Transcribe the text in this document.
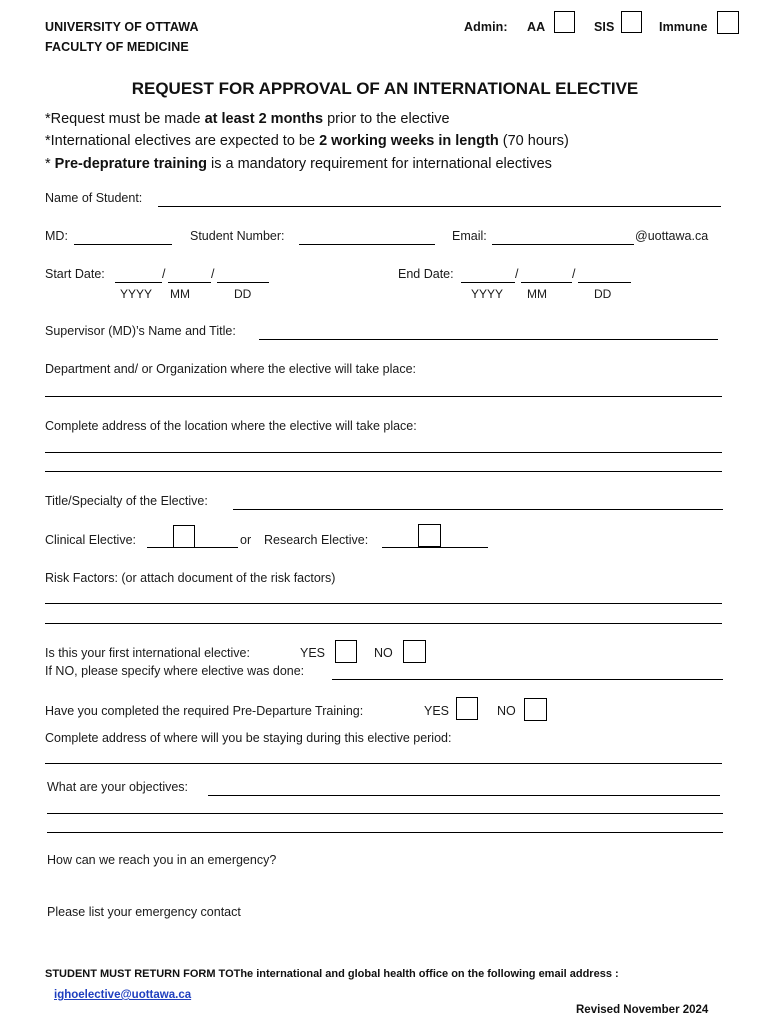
UNIVERSITY OF OTTAWA
FACULTY OF MEDICINE
Admin: AA	SIS	Immune
REQUEST FOR APPROVAL OF AN INTERNATIONAL ELECTIVE
*Request must be made at least 2 months prior to the elective
*International electives are expected to be 2 working weeks in length (70 hours)
* Pre-depraturе training is a mandatory requirement for international electives
Name of Student:
MD:	Student Number:	Email:	@uottawa.ca
Start Date:	/	/
YYYY MM	DD
End Date:	/	/
YYYY MM	DD
Supervisor (MD)’s Name and Title:
Department and/ or Organization where the elective will take place:
Complete address of the location where the elective will take place:
Title/Specialty of the Elective:
Clinical Elective:	or Research Elective:
Risk Factors: (or attach document of the risk factors)
Is this your first international elective:	YES	NO
If NO, please specify where elective was done:
Have you completed the required Pre-Departure Training:	YES	NO
Complete address of where will you be staying during this elective period:
What are your objectives:
How can we reach you in an emergency?
Please list your emergency contact
STUDENT MUST RETURN FORM TOThe international and global health office on the following email address :
ighoelective@uottawa.ca
Revised November 2024
